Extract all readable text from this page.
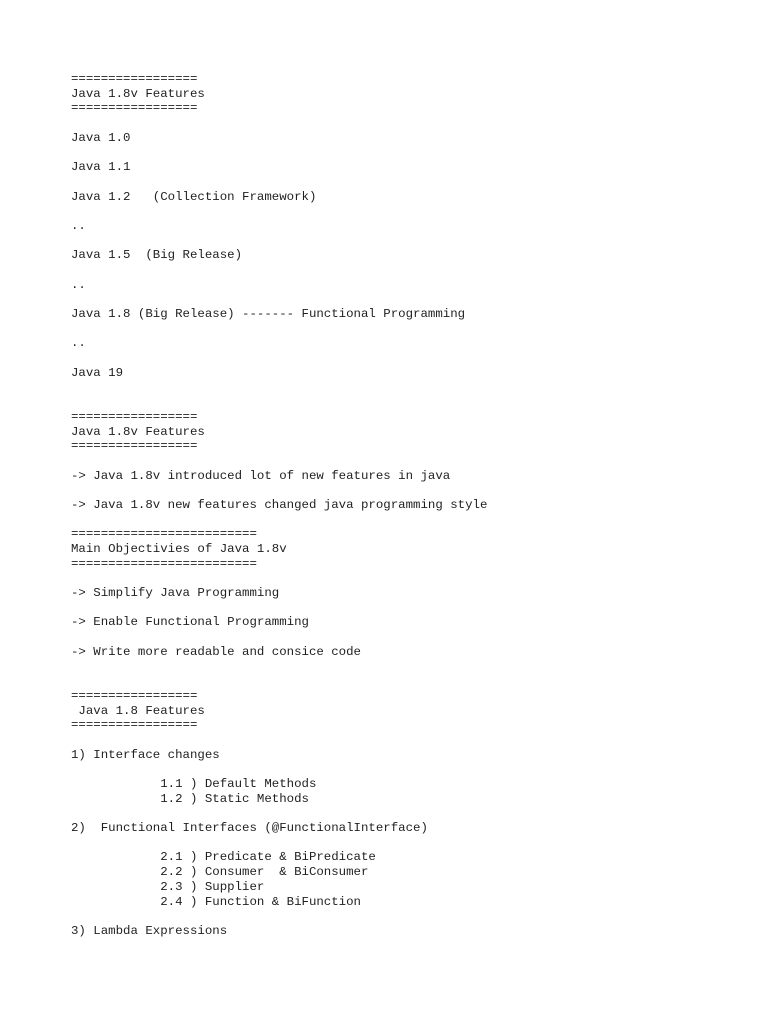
=================
Java 1.8v Features
=================
Java 1.0
Java 1.1
Java 1.2   (Collection Framework)
..
Java 1.5  (Big Release)
..
Java 1.8 (Big Release) ------- Functional Programming
..
Java 19
=================
Java 1.8v Features
=================
-> Java 1.8v introduced lot of new features in java
-> Java 1.8v new features changed java programming style
=========================
Main Objectivies of Java 1.8v
=========================
-> Simplify Java Programming
-> Enable Functional Programming
-> Write more readable and consice code
=================
Java 1.8 Features
=================
1) Interface changes
1.1 ) Default Methods
1.2 ) Static Methods
2)  Functional Interfaces (@FunctionalInterface)
2.1 ) Predicate & BiPredicate
2.2 ) Consumer  & BiConsumer
2.3 ) Supplier
2.4 ) Function & BiFunction
3) Lambda Expressions
